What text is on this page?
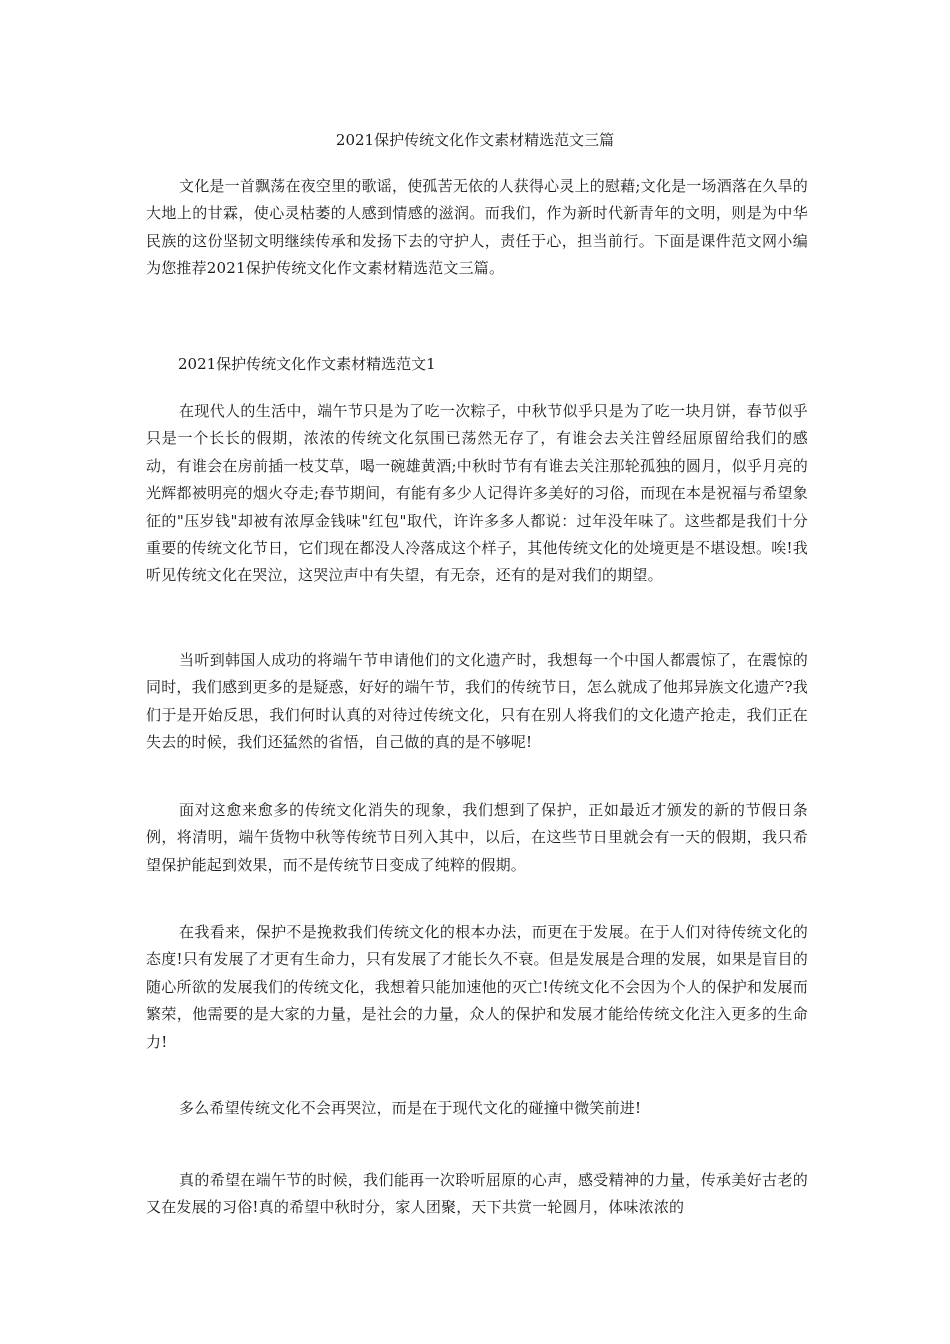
2021保护传统文化作文素材精选范文三篇
文化是一首飘荡在夜空里的歌谣，使孤苦无依的人获得心灵上的慰藉;文化是一场酒落在久旱的大地上的甘霖，使心灵枯萎的人感到情感的滋润。而我们，作为新时代新青年的文明，则是为中华民族的这份坚韧文明继续传承和发扬下去的守护人，责任于心，担当前行。下面是课件范文网小编为您推荐2021保护传统文化作文素材精选范文三篇。
2021保护传统文化作文素材精选范文1
在现代人的生活中，端午节只是为了吃一次粽子，中秋节似乎只是为了吃一块月饼，春节似乎只是一个长长的假期，浓浓的传统文化氛围已荡然无存了，有谁会去关注曾经屈原留给我们的感动，有谁会在房前插一枝艾草，喝一碗雄黄酒;中秋时节有有谁去关注那轮孤独的圆月，似乎月亮的光辉都被明亮的烟火夺走;春节期间，有能有多少人记得许多美好的习俗，而现在本是祝福与希望象征的"压岁钱"却被有浓厚金钱味"红包"取代，许许多多人都说：过年没年味了。这些都是我们十分重要的传统文化节日，它们现在都没人冷落成这个样子，其他传统文化的处境更是不堪设想。唉!我听见传统文化在哭泣，这哭泣声中有失望，有无奈，还有的是对我们的期望。
当听到韩国人成功的将端午节申请他们的文化遗产时，我想每一个中国人都震惊了，在震惊的同时，我们感到更多的是疑惑，好好的端午节，我们的传统节日，怎么就成了他邦异族文化遗产?我们于是开始反思，我们何时认真的对待过传统文化，只有在别人将我们的文化遗产抢走，我们正在失去的时候，我们还猛然的省悟，自己做的真的是不够呢!
面对这愈来愈多的传统文化消失的现象，我们想到了保护，正如最近才颁发的新的节假日条例，将清明，端午货物中秋等传统节日列入其中，以后，在这些节日里就会有一天的假期，我只希望保护能起到效果，而不是传统节日变成了纯粹的假期。
在我看来，保护不是挽救我们传统文化的根本办法，而更在于发展。在于人们对待传统文化的态度!只有发展了才更有生命力，只有发展了才能长久不衰。但是发展是合理的发展，如果是盲目的随心所欲的发展我们的传统文化，我想着只能加速他的灭亡!传统文化不会因为个人的保护和发展而繁荣，他需要的是大家的力量，是社会的力量，众人的保护和发展才能给传统文化注入更多的生命力!
多么希望传统文化不会再哭泣，而是在于现代文化的碰撞中微笑前进!
真的希望在端午节的时候，我们能再一次聆听屈原的心声，感受精神的力量，传承美好古老的又在发展的习俗!真的希望中秋时分，家人团聚，天下共赏一轮圆月，体味浓浓的
